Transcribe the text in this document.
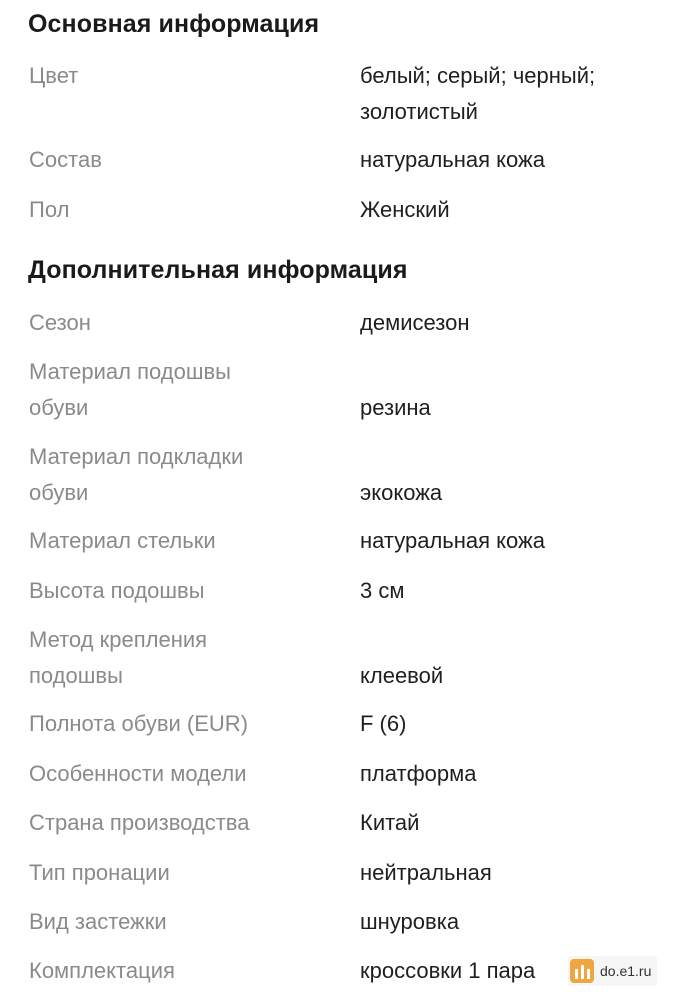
Основная информация
Цвет	белый; серый; черный;
золотистый
Состав	натуральная кожа
Пол	Женский
Дополнительная информация
Сезон	демисезон
Материал подошвы
обуви	резина
Материал подкладки
обуви	экокожа
Материал стельки	натуральная кожа
Высота подошвы	3 см
Метод крепления
подошвы	клеевой
Полнота обуви (EUR)	F (6)
Особенности модели	платформа
Страна производства	Китай
Тип пронации	нейтральная
Вид застежки	шнуровка
Комплектация	кроссовки 1 пара	do.e1.ru
